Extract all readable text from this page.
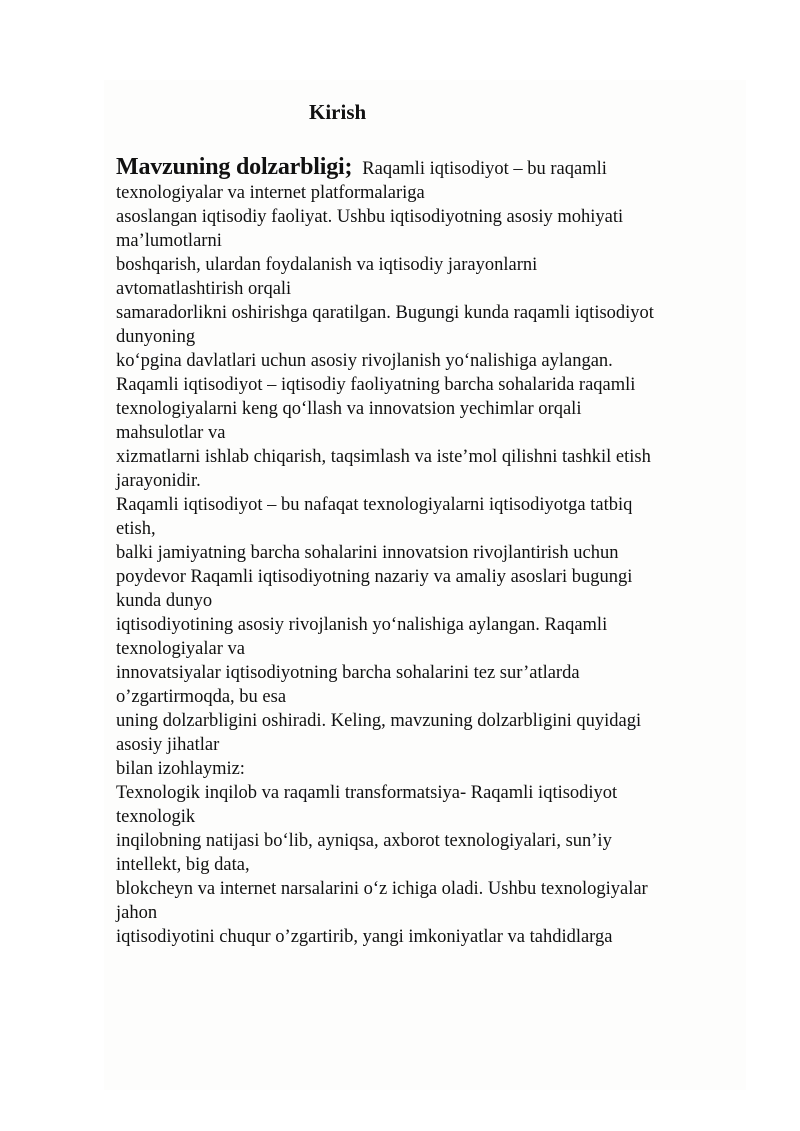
Kirish
Mavzuning dolzarbligi; Raqamli iqtisodiyot – bu raqamli
texnologiyalar va internet platformalariga
asoslangan iqtisodiy faoliyat. Ushbu iqtisodiyotning asosiy mohiyati
ma’lumotlarni
boshqarish, ulardan foydalanish va iqtisodiy jarayonlarni
avtomatlashtirish orqali
samaradorlikni oshirishga qaratilgan. Bugungi kunda raqamli iqtisodiyot
dunyoning
ko‘pgina davlatlari uchun asosiy rivojlanish yo‘nalishiga aylangan.
Raqamli iqtisodiyot – iqtisodiy faoliyatning barcha sohalarida raqamli
texnologiyalarni keng qo‘llash va innovatsion yechimlar orqali
mahsulotlar va
xizmatlarni ishlab chiqarish, taqsimlash va iste’mol qilishni tashkil etish
jarayonidir.
Raqamli iqtisodiyot – bu nafaqat texnologiyalarni iqtisodiyotga tatbiq
etish,
balki jamiyatning barcha sohalarini innovatsion rivojlantirish uchun
poydevor Raqamli iqtisodiyotning nazariy va amaliy asoslari bugungi
kunda dunyo
iqtisodiyotining asosiy rivojlanish yo‘nalishiga aylangan. Raqamli
texnologiyalar va
innovatsiyalar iqtisodiyotning barcha sohalarini tez sur’atlarda
o’zgartirmoqda, bu esa
uning dolzarbligini oshiradi. Keling, mavzuning dolzarbligini quyidagi
asosiy jihatlar
bilan izohlaymiz:
Texnologik inqilob va raqamli transformatsiya- Raqamli iqtisodiyot
texnologik
inqilobning natijasi bo‘lib, ayniqsa, axborot texnologiyalari, sun’iy
intellekt, big data,
blokcheyn va internet narsalarini o‘z ichiga oladi. Ushbu texnologiyalar
jahon
iqtisodiyotini chuqur o’zgartirib, yangi imkoniyatlar va tahdidlarga
